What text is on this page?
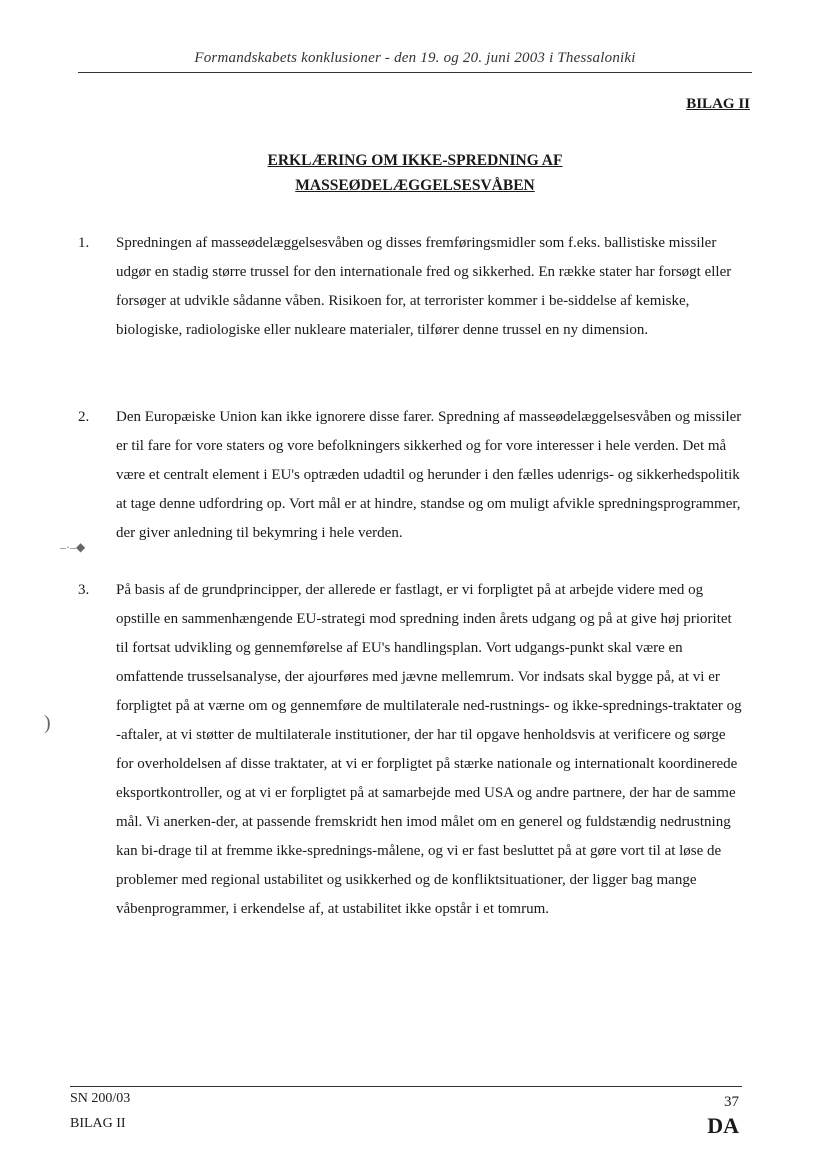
Formandskabets konklusioner - den 19. og 20. juni 2003 i Thessaloniki
BILAG II
ERKLÆRING OM IKKE-SPREDNING AF
MASSEØDELÆGGELSESVÅBEN
1. Spredningen af masseødelæggelsesvåben og disses fremføringsmidler som f.eks. ballistiske missiler udgør en stadig større trussel for den internationale fred og sikkerhed. En række stater har forsøgt eller forsøger at udvikle sådanne våben. Risikoen for, at terrorister kommer i be-siddelse af kemiske, biologiske, radiologiske eller nukleare materialer, tilfører denne trussel en ny dimension.
2. Den Europæiske Union kan ikke ignorere disse farer. Spredning af masseødelæggelsesvåben og missiler er til fare for vore staters og vore befolkningers sikkerhed og for vore interesser i hele verden. Det må være et centralt element i EU's optræden udadtil og herunder i den fælles udenrigs- og sikkerhedspolitik at tage denne udfordring op. Vort mål er at hindre, standse og om muligt afvikle spredningsprogrammer, der giver anledning til bekymring i hele verden.
3. På basis af de grundprincipper, der allerede er fastlagt, er vi forpligtet på at arbejde videre med og opstille en sammenhængende EU-strategi mod spredning inden årets udgang og på at give høj prioritet til fortsat udvikling og gennemførelse af EU's handlingsplan. Vort udgangs-punkt skal være en omfattende trusselsanalyse, der ajourføres med jævne mellemrum. Vor indsats skal bygge på, at vi er forpligtet på at værne om og gennemføre de multilaterale ned-rustnings- og ikke-sprednings-traktater og -aftaler, at vi støtter de multilaterale institutioner, der har til opgave henholdsvis at verificere og sørge for overholdelsen af disse traktater, at vi er forpligtet på stærke nationale og internationalt koordinerede eksportkontroller, og at vi er forpligtet på at samarbejde med USA og andre partnere, der har de samme mål. Vi anerken-der, at passende fremskridt hen imod målet om en generel og fuldstændig nedrustning kan bi-drage til at fremme ikke-sprednings-målene, og vi er fast besluttet på at gøre vort til at løse de problemer med regional ustabilitet og usikkerhed og de konfliktsituationer, der ligger bag mange våbenprogrammer, i erkendelse af, at ustabilitet ikke opstår i et tomrum.
–·–◆
)
SN 200/03
BILAG II
37
DA
